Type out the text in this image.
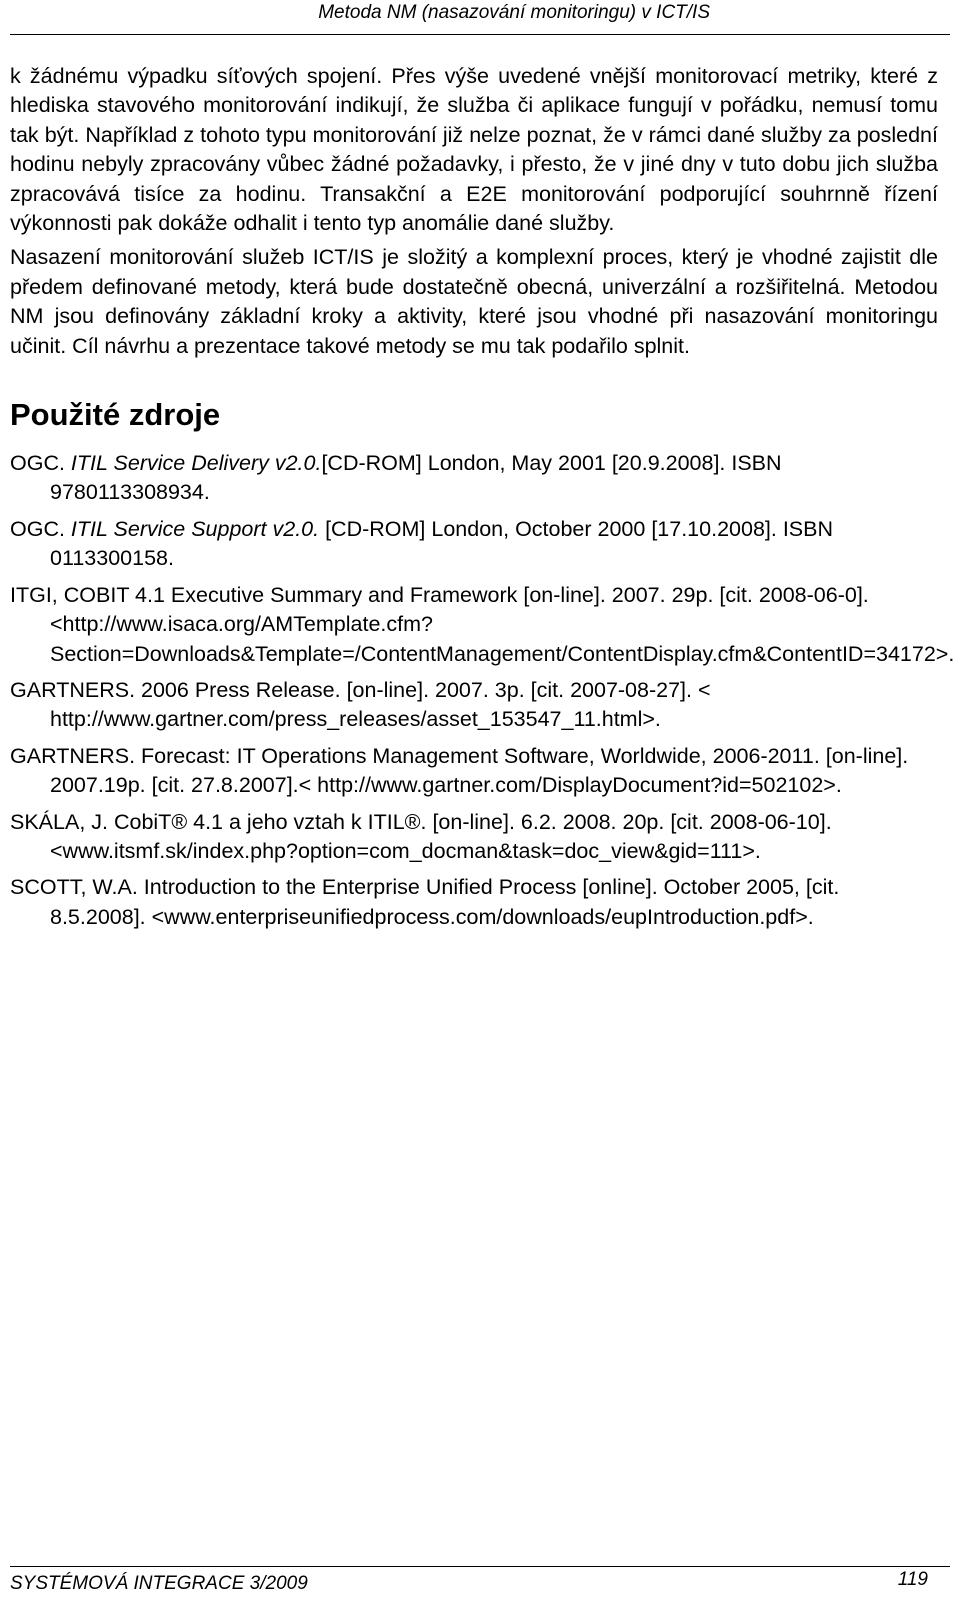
Metoda NM (nasazování monitoringu) v ICT/IS

k žádnému výpadku síťových spojení. Přes výše uvedené vnější monitorovací metriky, které z hlediska stavového monitorování indikují, že služba či aplikace fungují v pořádku, nemusí tomu tak být. Například z tohoto typu monitorování již nelze poznat, že v rámci dané služby za poslední hodinu nebyly zpracovány vůbec žádné požadavky, i přesto, že v jiné dny v tuto dobu jich služba zpracovává tisíce za hodinu. Transakční a E2E monitorování podporující souhrnně řízení výkonnosti pak dokáže odhalit i tento typ anomálie dané služby.

Nasazení monitorování služeb ICT/IS je složitý a komplexní proces, který je vhodné zajistit dle předem definované metody, která bude dostatečně obecná, univerzální a rozšiřitelná. Metodou NM jsou definovány základní kroky a aktivity, které jsou vhodné při nasazování monitoringu učinit. Cíl návrhu a prezentace takové metody se mu tak podařilo splnit.

Použité zdroje
OGC. ITIL Service Delivery v2.0.[CD-ROM] London, May 2001 [20.9.2008]. ISBN 9780113308934.
OGC. ITIL Service Support v2.0. [CD-ROM] London, October 2000 [17.10.2008]. ISBN 0113300158.
ITGI, COBIT 4.1 Executive Summary and Framework [on-line]. 2007. 29p. [cit. 2008-06-0]. <http://www.isaca.org/AMTemplate.cfm?Section=Downloads&Template=/ContentManagement/ContentDisplay.cfm&ContentID=34172>.
GARTNERS. 2006 Press Release. [on-line]. 2007. 3p. [cit. 2007-08-27]. < http://www.gartner.com/press_releases/asset_153547_11.html>.
GARTNERS. Forecast: IT Operations Management Software, Worldwide, 2006-2011. [on-line]. 2007.19p. [cit. 27.8.2007].< http://www.gartner.com/DisplayDocument?id=502102>.
SKÁLA, J. CobiT® 4.1 a jeho vztah k ITIL®. [on-line]. 6.2. 2008. 20p. [cit. 2008-06-10]. <www.itsmf.sk/index.php?option=com_docman&task=doc_view&gid=111>.
SCOTT, W.A. Introduction to the Enterprise Unified Process [online]. October 2005, [cit. 8.5.2008]. <www.enterpriseunifiedprocess.com/downloads/eupIntroduction.pdf>.
SYSTÉMOVÁ INTEGRACE 3/2009	119
